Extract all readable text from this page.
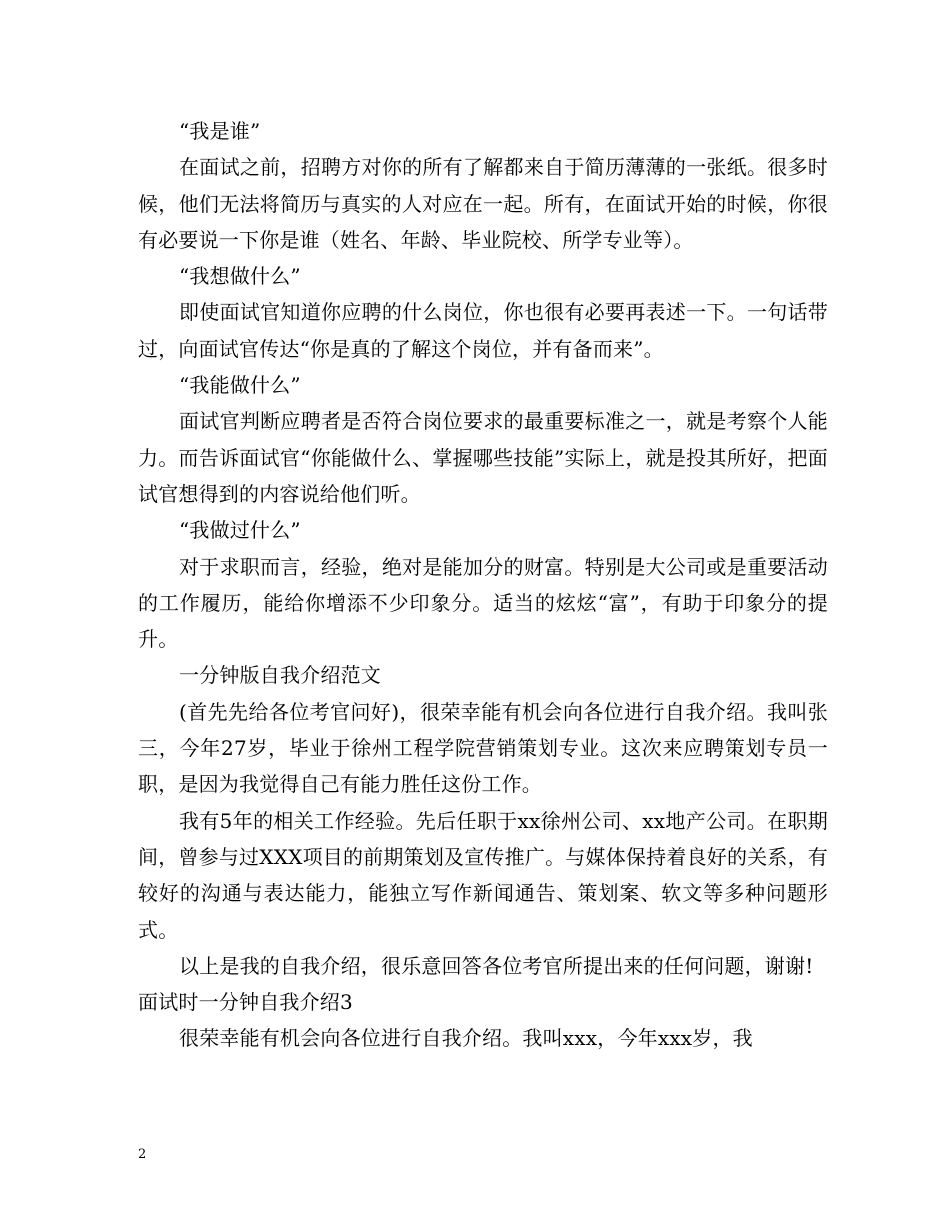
“我是谁”

在面试之前，招聘方对你的所有了解都来自于简历薄薄的一张纸。很多时候，他们无法将简历与真实的人对应在一起。所有，在面试开始的时候，你很有必要说一下你是谁（姓名、年龄、毕业院校、所学专业等）。

“我想做什么”

即使面试官知道你应聘的什么岗位，你也很有必要再表述一下。一句话带过，向面试官传达“你是真的了解这个岗位，并有备而来”。

“我能做什么”

面试官判断应聘者是否符合岗位要求的最重要标准之一，就是考察个人能力。而告诉面试官“你能做什么、掌握哪些技能”实际上，就是投其所好，把面试官想得到的内容说给他们听。

“我做过什么”

对于求职而言，经验，绝对是能加分的财富。特别是大公司或是重要活动的工作履历，能给你增添不少印象分。适当的炫炫“富”，有助于印象分的提升。

一分钟版自我介绍范文

(首先先给各位考官问好)，很荣幸能有机会向各位进行自我介绍。我叫张三，今年27岁，毕业于徐州工程学院营销策划专业。这次来应聘策划专员一职，是因为我觉得自己有能力胜任这份工作。

我有5年的相关工作经验。先后任职于xx徐州公司、xx地产公司。在职期间，曾参与过XXX项目的前期策划及宣传推广。与媒体保持着良好的关系，有较好的沟通与表达能力，能独立写作新闻通告、策划案、软文等多种问题形式。

以上是我的自我介绍，很乐意回答各位考官所提出来的任何问题，谢谢!

面试时一分钟自我介绍3

很荣幸能有机会向各位进行自我介绍。我叫xxx，今年xxx岁，我

2
